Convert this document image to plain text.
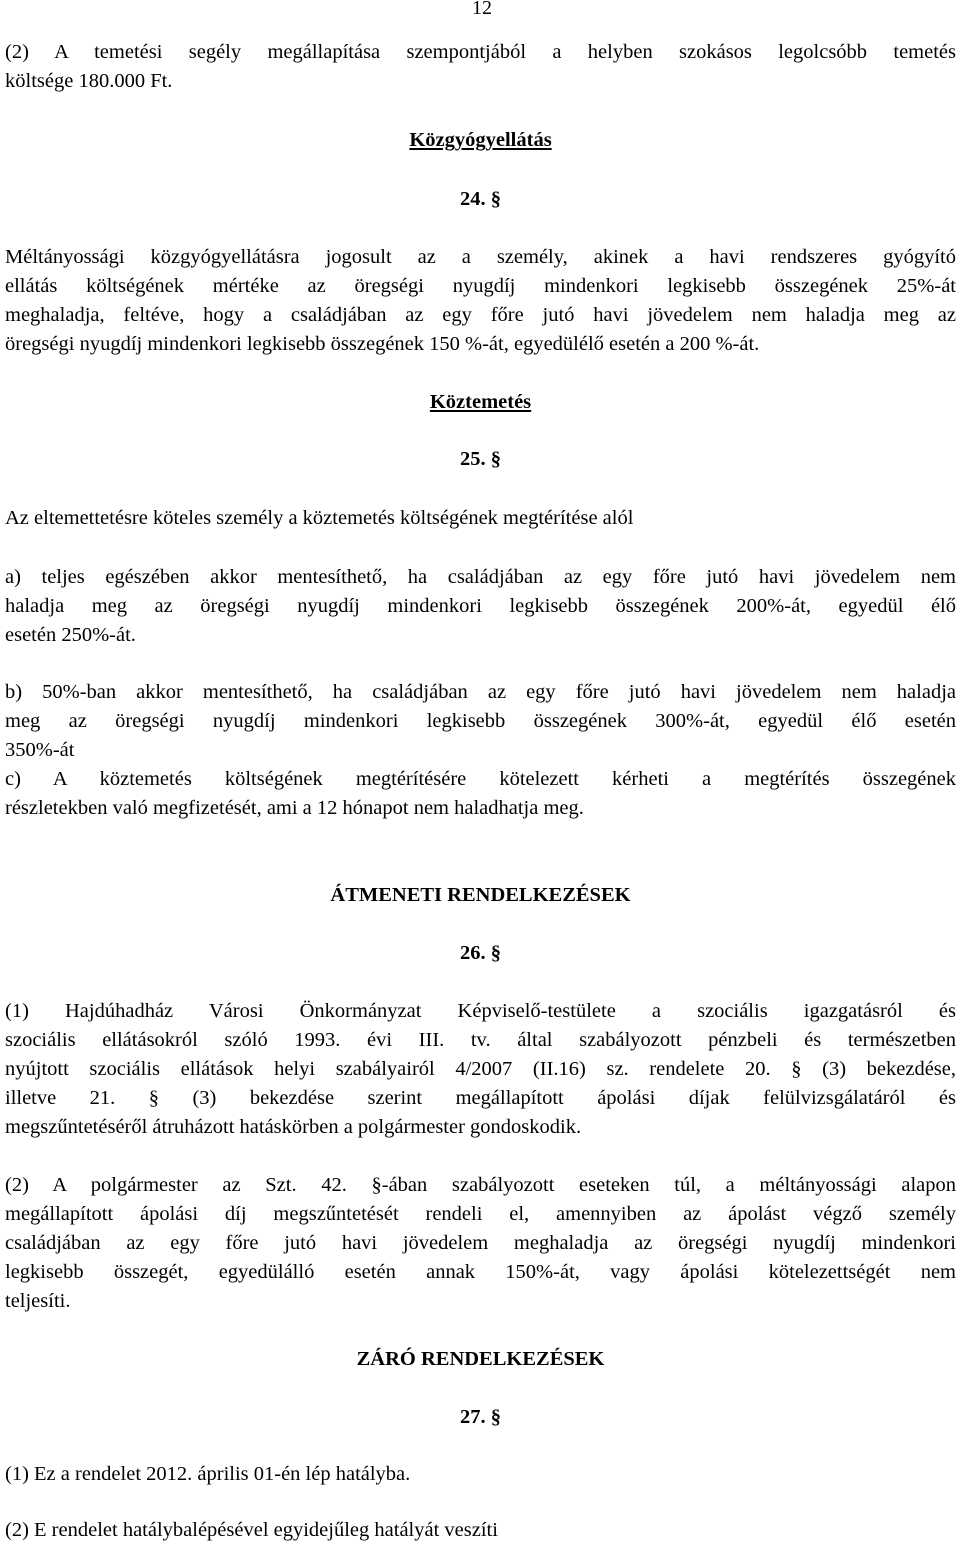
12
(2) A temetési segély megállapítása szempontjából a helyben szokásos legolcsóbb temetés
költsége 180.000 Ft.
Közgyógyellátás
24. §
Méltányossági közgyógyellátásra jogosult az a személy, akinek a havi rendszeres gyógyító
ellátás költségének mértéke az öregségi nyugdíj mindenkori legkisebb összegének 25%-át
meghaladja, feltéve, hogy a családjában az egy főre jutó havi jövedelem nem haladja meg az
öregségi nyugdíj mindenkori legkisebb összegének 150 %-át, egyedülélő esetén a 200 %-át.
Köztemetés
25. §
Az eltemettetésre köteles személy a köztemetés költségének megtérítése alól
a) teljes egészében akkor mentesíthető, ha családjában az egy főre jutó havi jövedelem nem
haladja meg az öregségi nyugdíj mindenkori legkisebb összegének 200%-át, egyedül élő
esetén 250%-át.
b) 50%-ban akkor mentesíthető, ha családjában az egy főre jutó havi jövedelem nem haladja
meg az öregségi nyugdíj mindenkori legkisebb összegének 300%-át, egyedül élő esetén
350%-át
c) A köztemetés költségének megtérítésére kötelezett kérheti a megtérítés összegének
részletekben való megfizetését, ami a 12 hónapot nem haladhatja meg.
ÁTMENETI RENDELKEZÉSEK
26. §
(1) Hajdúhadház Városi Önkormányzat Képviselő-testülete a szociális igazgatásról és
szociális ellátásokról szóló 1993. évi III. tv. által szabályozott pénzbeli és természetben
nyújtott szociális ellátások helyi szabályairól 4/2007 (II.16) sz. rendelete 20. § (3) bekezdése,
illetve 21. § (3) bekezdése szerint megállapított ápolási díjak felülvizsgálatáról és
megszűntetéséről átruházott hatáskörben a polgármester gondoskodik.
(2) A polgármester az Szt. 42. §-ában szabályozott eseteken túl, a méltányossági alapon
megállapított ápolási díj megszűntetését rendeli el, amennyiben az ápolást végző személy
családjában az egy főre jutó havi jövedelem meghaladja az öregségi nyugdíj mindenkori
legkisebb összegét, egyedülálló esetén annak 150%-át, vagy ápolási kötelezettségét nem
teljesíti.
ZÁRÓ RENDELKEZÉSEK
27. §
(1) Ez a rendelet 2012. április 01-én lép hatályba.
(2) E rendelet hatálybalépésével egyidejűleg hatályát veszíti
